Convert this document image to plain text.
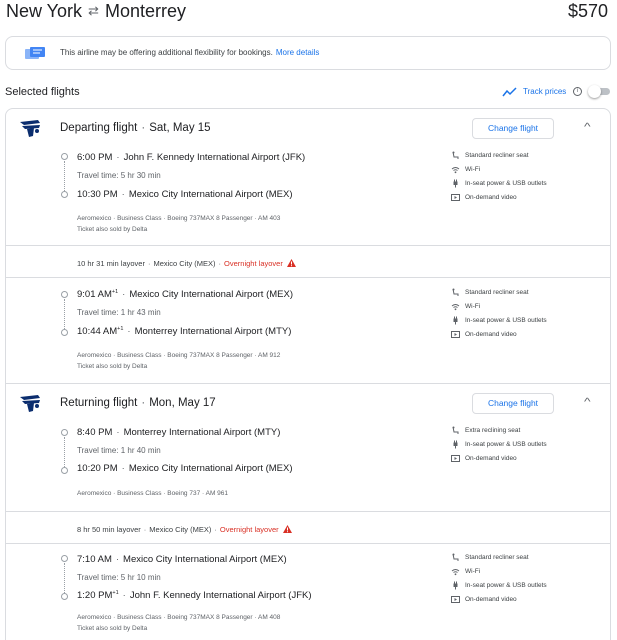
New York ⇄ Monterrey	$570
This airline may be offering additional flexibility for bookings. More details
Selected flights	Track prices	i
Departing flight · Sat, May 15	Change flight	^
6:00 PM · John F. Kennedy International Airport (JFK)
Travel time: 5 hr 30 min
10:30 PM · Mexico City International Airport (MEX)
Aeromexico · Business Class · Boeing 737MAX 8 Passenger · AM 403
Ticket also sold by Delta
Standard recliner seat
Wi-Fi
In-seat power & USB outlets
On-demand video
10 hr 31 min layover · Mexico City (MEX) · Overnight layover
9:01 $AM^{+1}$ · Mexico City International Airport (MEX)
Travel time: 1 hr 43 min
10:44 $AM^{+1}$ · Monterrey International Airport (MTY)
Aeromexico · Business Class · Boeing 737MAX 8 Passenger · AM 912
Ticket also sold by Delta
Standard recliner seat
Wi-Fi
In-seat power & USB outlets
On-demand video
Returning flight · Mon, May 17	Change flight	^
8:40 PM · Monterrey International Airport (MTY)
Travel time: 1 hr 40 min
10:20 PM · Mexico City International Airport (MEX)
Aeromexico · Business Class · Boeing 737 · AM 961
Extra reclining seat
In-seat power & USB outlets
On-demand video
8 hr 50 min layover · Mexico City (MEX) · Overnight layover
7:10 AM · Mexico City International Airport (MEX)
Travel time: 5 hr 10 min
1:20 $PM^{+1}$ · John F. Kennedy International Airport (JFK)
Aeromexico · Business Class · Boeing 737MAX 8 Passenger · AM 408
Ticket also sold by Delta
Standard recliner seat
Wi-Fi
In-seat power & USB outlets
On-demand video
